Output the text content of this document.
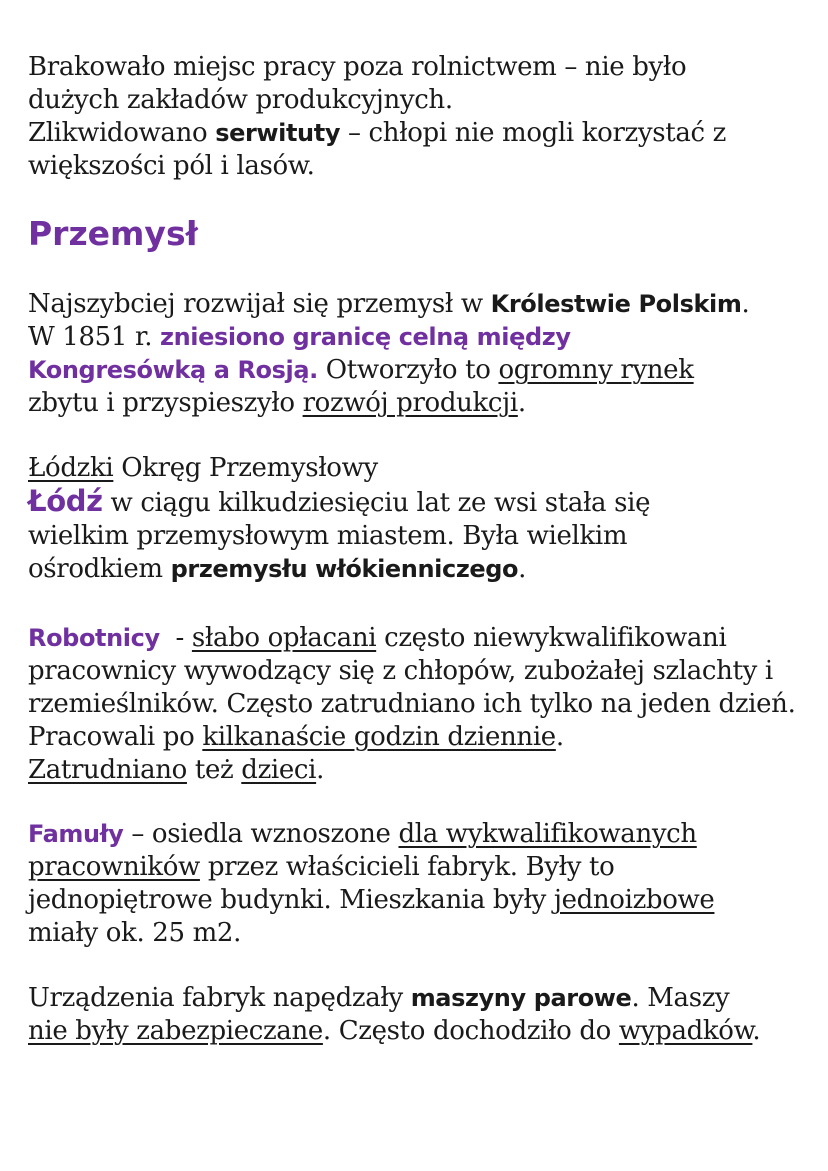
Brakowało miejsc pracy poza rolnictwem – nie było
dużych zakładów produkcyjnych.
Zlikwidowano serwituty – chłopi nie mogli korzystać z większości pól i lasów.

Przemysł

Najszybciej rozwijał się przemysł w Królestwie Polskim.
W 1851 r. zniesiono granicę celną między
Kongresówką a Rosją. Otworzyło to ogromny rynek
zbytu i przyspieszyło rozwój produkcji.

Łódzki Okręg Przemysłowy
Łódź w ciągu kilkudziesięciu lat ze wsi stała się
wielkim przemysłowym miastem. Była wielkim
ośrodkiem przemysłu włókienniczego.

Robotnicy  - słabo opłacani często niewykwalifikowani pracownicy wywodzący się z chłopów, zubożałej szlachty i rzemieślników. Często zatrudniano ich tylko na jeden dzień. Pracowali po kilkanaście godzin dziennie.
Zatrudniano też dzieci.

Famuły – osiedla wznoszone dla wykwalifikowanych
pracowników przez właścicieli fabryk. Były to
jednopiętrowe budynki. Mieszkania były jednoizbowe
miały ok. 25 m2.

Urządzenia fabryk napędzały maszyny parowe. Maszy
nie były zabezpieczane. Często dochodziło do wypadków.
